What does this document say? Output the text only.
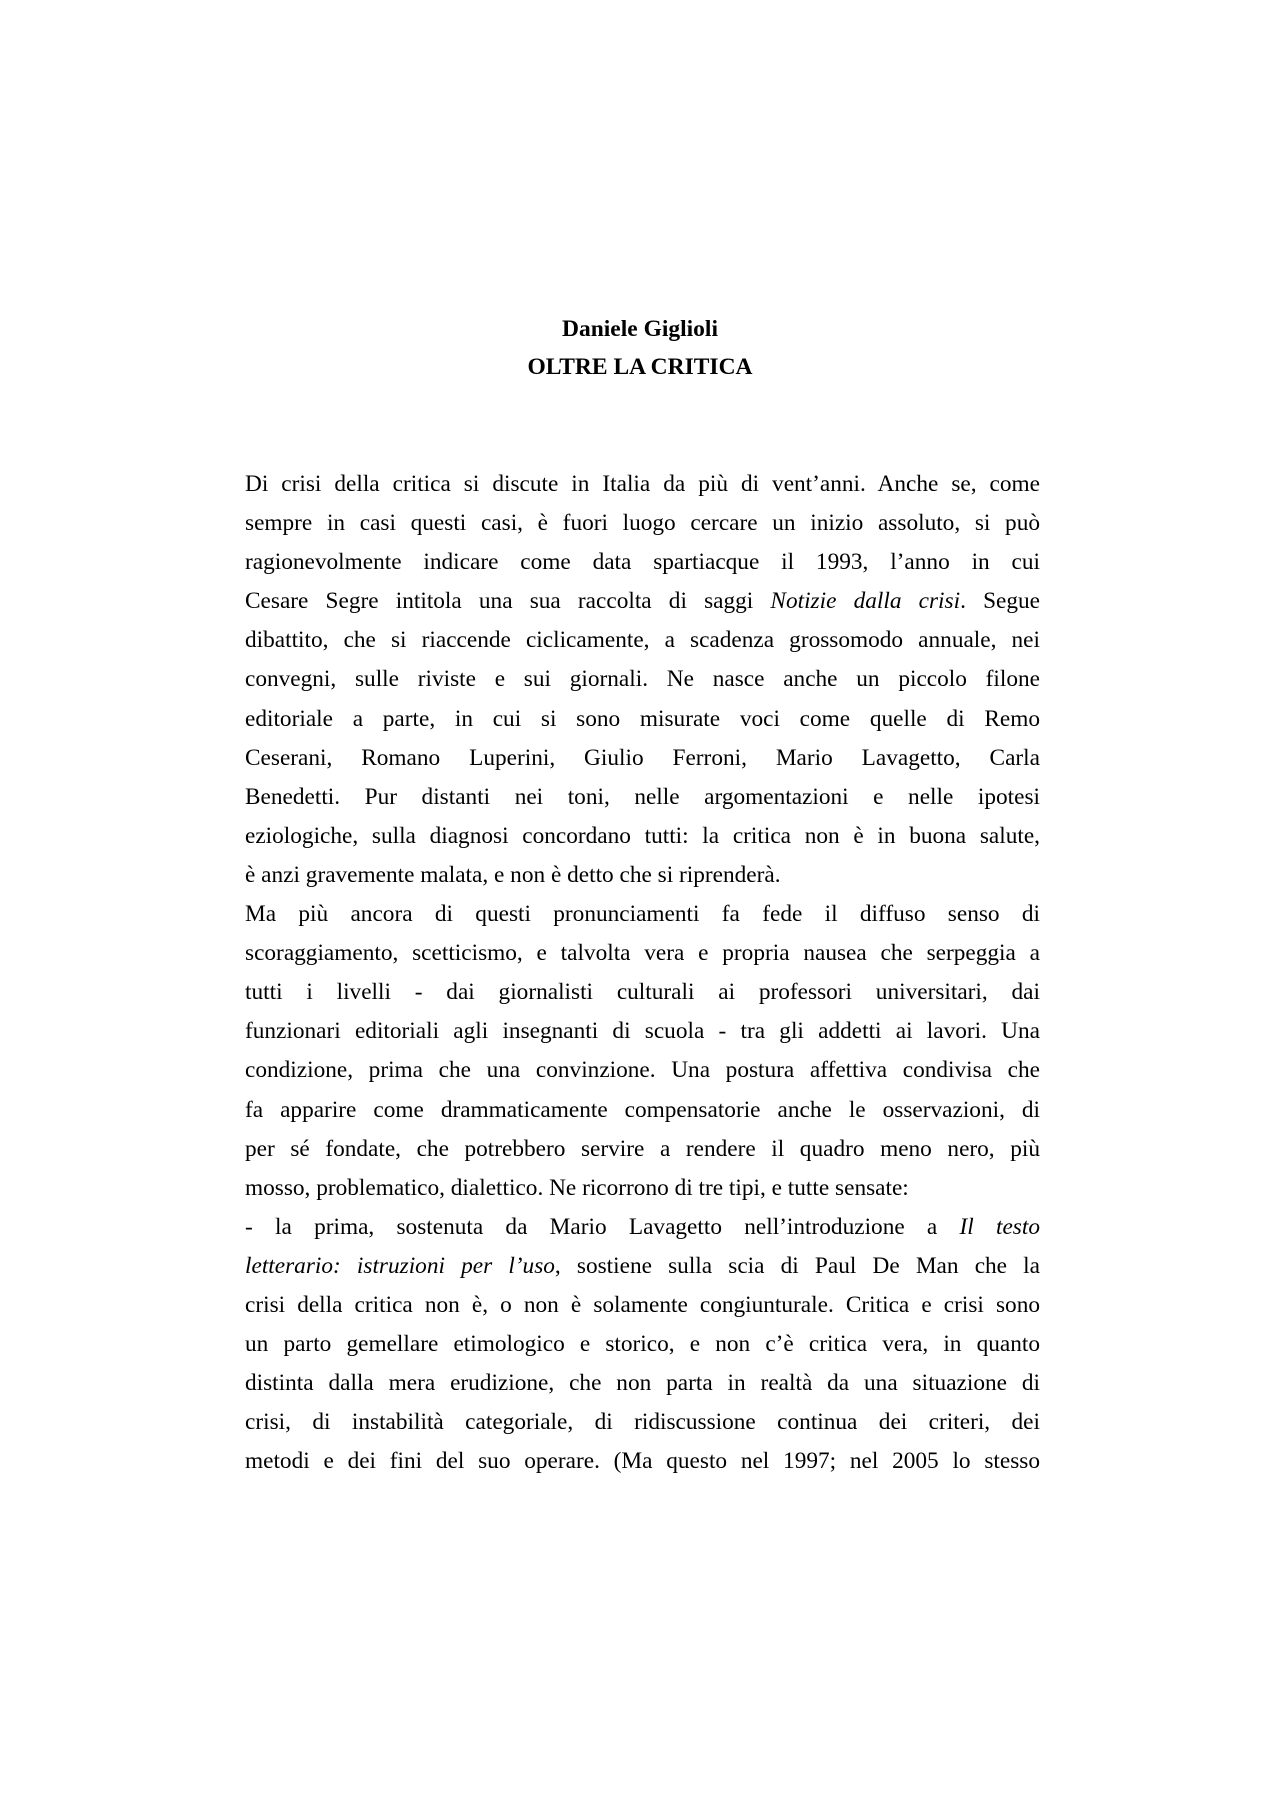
Daniele Giglioli
OLTRE LA CRITICA
Di crisi della critica si discute in Italia da più di vent’anni. Anche se, come
sempre in casi questi casi, è fuori luogo cercare un inizio assoluto, si può
ragionevolmente indicare come data spartiacque il 1993, l’anno in cui
Cesare Segre intitola una sua raccolta di saggi Notizie dalla crisi. Segue
dibattito, che si riaccende ciclicamente, a scadenza grossomodo annuale, nei
convegni, sulle riviste e sui giornali. Ne nasce anche un piccolo filone
editoriale a parte, in cui si sono misurate voci come quelle di Remo
Ceserani, Romano Luperini, Giulio Ferroni, Mario Lavagetto, Carla
Benedetti. Pur distanti nei toni, nelle argomentazioni e nelle ipotesi
eziologiche, sulla diagnosi concordano tutti: la critica non è in buona salute,
è anzi gravemente malata, e non è detto che si riprenderà.
Ma più ancora di questi pronunciamenti fa fede il diffuso senso di
scoraggiamento, scetticismo, e talvolta vera e propria nausea che serpeggia a
tutti i livelli - dai giornalisti culturali ai professori universitari, dai
funzionari editoriali agli insegnanti di scuola - tra gli addetti ai lavori. Una
condizione, prima che una convinzione. Una postura affettiva condivisa che
fa apparire come drammaticamente compensatorie anche le osservazioni, di
per sé fondate, che potrebbero servire a rendere il quadro meno nero, più
mosso, problematico, dialettico. Ne ricorrono di tre tipi, e tutte sensate:
- la prima, sostenuta da Mario Lavagetto nell’introduzione a Il testo
letterario: istruzioni per l’uso, sostiene sulla scia di Paul De Man che la
crisi della critica non è, o non è solamente congiunturale. Critica e crisi sono
un parto gemellare etimologico e storico, e non c’è critica vera, in quanto
distinta dalla mera erudizione, che non parta in realtà da una situazione di
crisi, di instabilità categoriale, di ridiscussione continua dei criteri, dei
metodi e dei fini del suo operare. (Ma questo nel 1997; nel 2005 lo stesso
